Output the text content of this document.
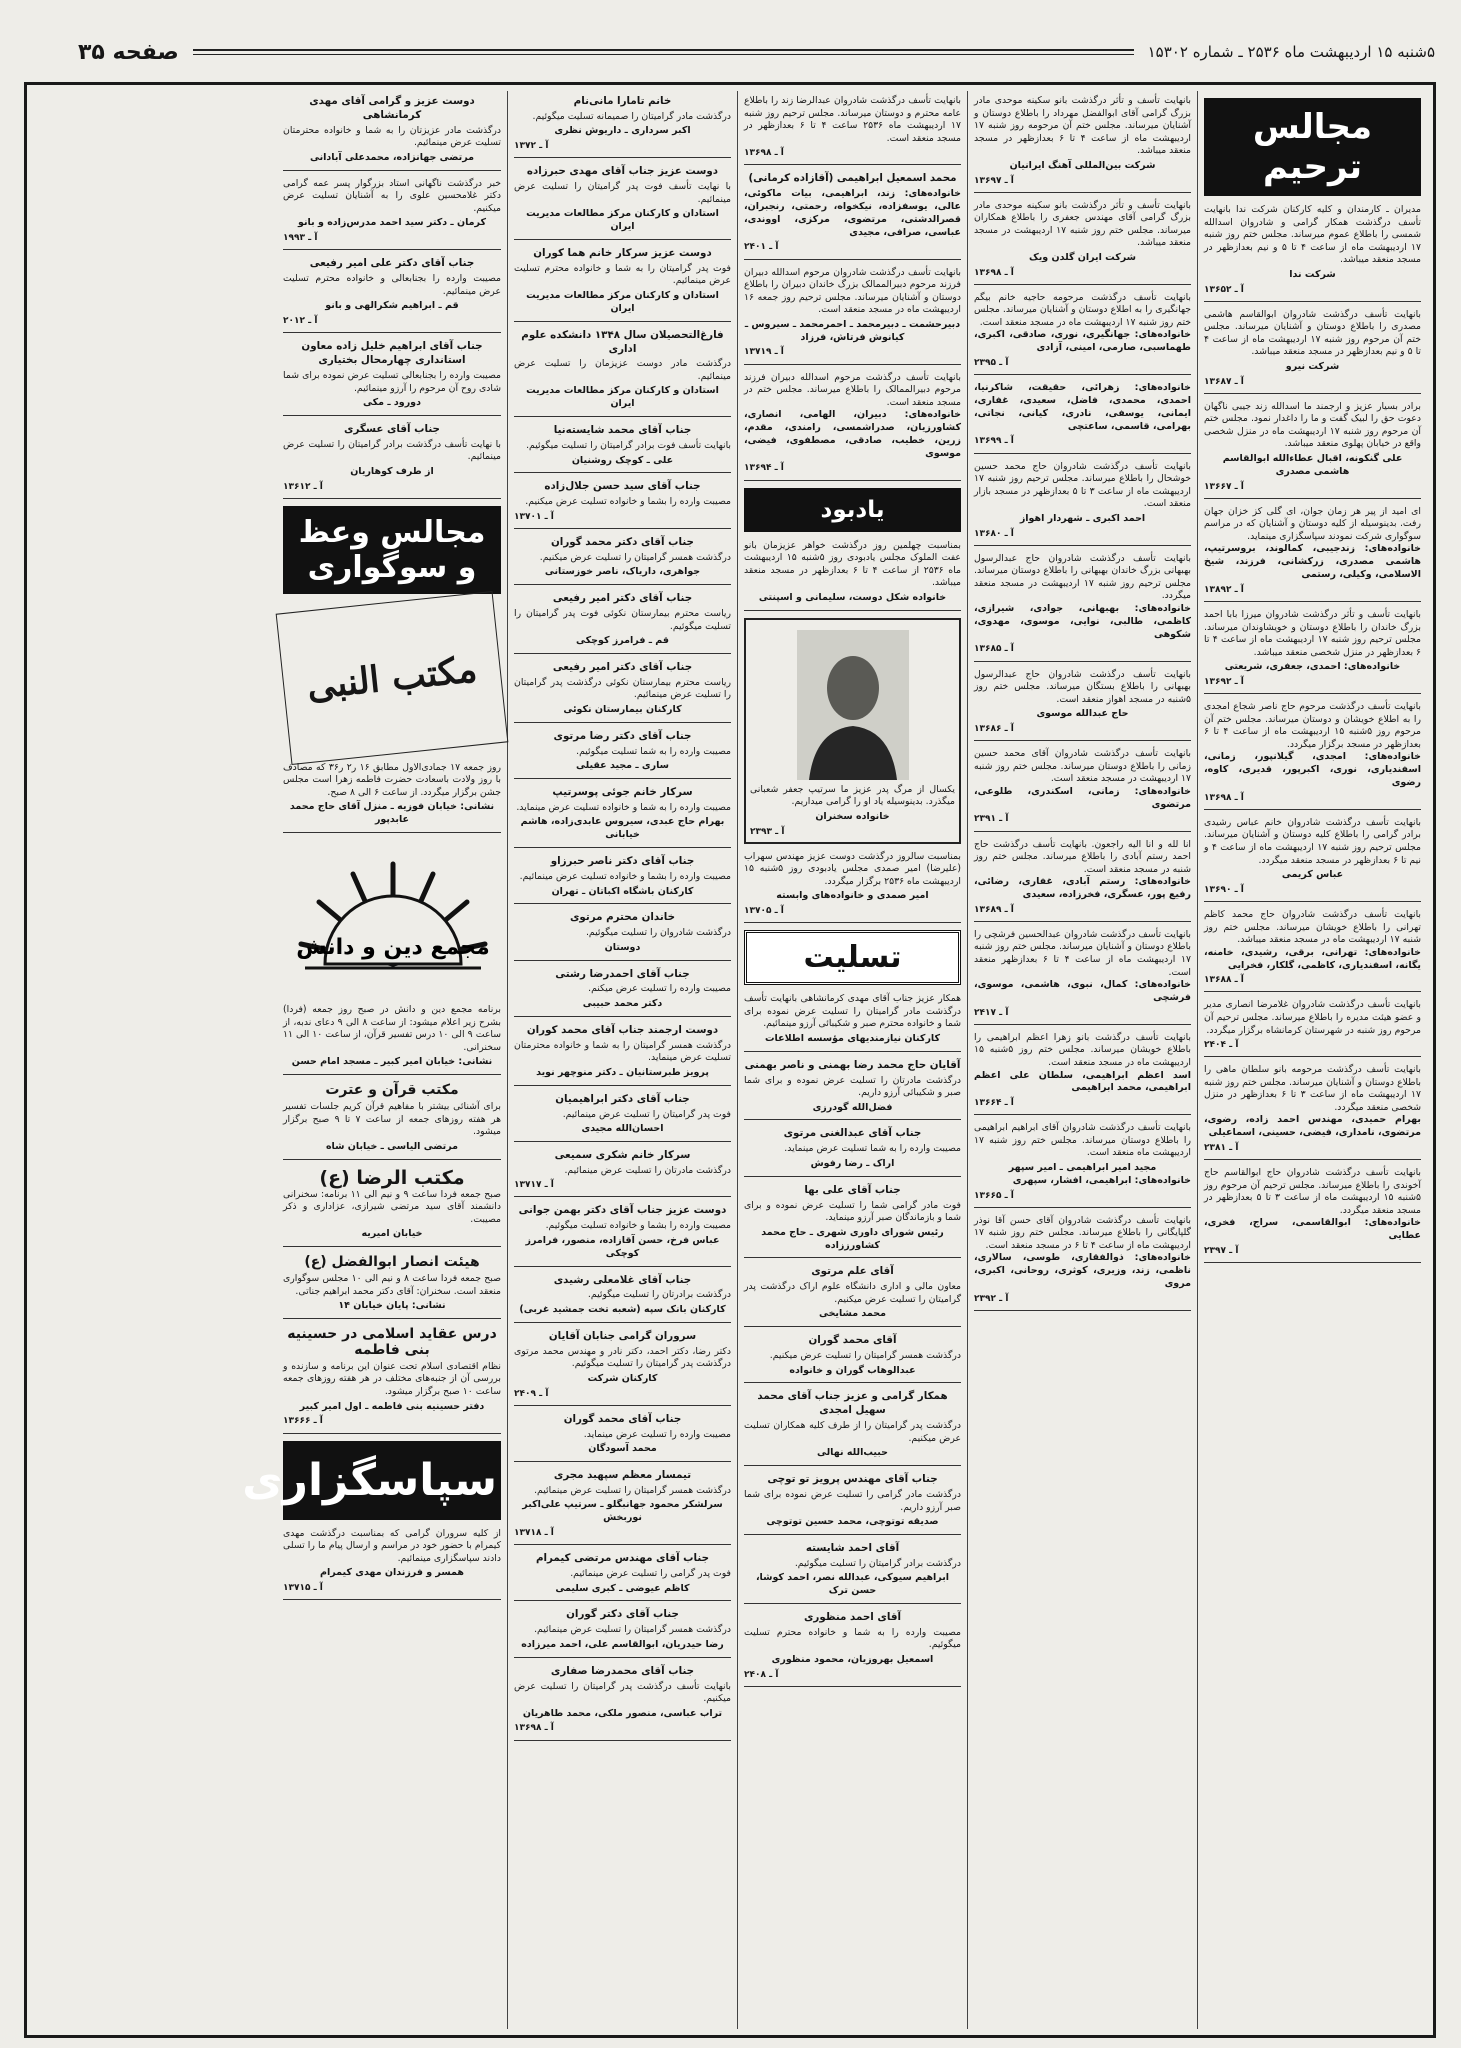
۵شنبه ۱۵ اردیبهشت ماه ۲۵۳۶ ـ شماره ۱۵۳۰۲
صفحه ۳۵
مجالس ترحیم
مدیران ـ کارمندان و کلیه کارکنان شرکت ندا بانهایت تأسف درگذشت همکار گرامی و شادروان اسدالله شمسی را باطلاع عموم میرساند. مجلس ختم روز شنبه ۱۷ اردیبهشت ماه از ساعت ۴ تا ۵ و نیم بعدازظهر در مسجد منعقد میباشد.
شرکت ندا
آ ـ ۱۳۶۵۲
بانهایت تأسف درگذشت شادروان ابوالقاسم هاشمی مصدری را باطلاع دوستان و آشنایان میرساند. مجلس ختم آن مرحوم روز شنبه ۱۷ اردیبهشت ماه از ساعت ۴ تا ۵ و نیم بعدازظهر در مسجد منعقد میباشد.
شرکت نیرو
آ ـ ۱۳۶۸۷
برادر بسیار عزیز و ارجمند ما اسدالله زند جیبی ناگهان دعوت حق را لبیک گفت و ما را داغدار نمود. مجلس ختم آن مرحوم روز شنبه ۱۷ اردیبهشت ماه در منزل شخصی واقع در خیابان پهلوی منعقد میباشد.
علی گنکونه، اقبال عطاءالله ابوالقاسم هاشمی مصدری
آ ـ ۱۳۶۶۷
ای امید از پیر هر زمان جوان، ای گلی کز خزان جهان رفت. بدینوسیله از کلیه دوستان و آشنایان که در مراسم سوگواری شرکت نمودند سپاسگزاری مینماید.
خانواده‌های: زندجیبی، کمالوند، بروسرتیپ، هاشمی مصدری، زرکشانی، فرزند، شیخ الاسلامی، وکیلی، رستمی
آ ـ ۱۳۸۹۲
بانهایت تأسف و تأثر درگذشت شادروان میرزا بابا احمد بزرگ خاندان را باطلاع دوستان و خویشاوندان میرساند. مجلس ترحیم روز شنبه ۱۷ اردیبهشت ماه از ساعت ۴ تا ۶ بعدازظهر در منزل شخصی منعقد میباشد.
خانواده‌های: احمدی، جعفری، شریعتی
آ ـ ۱۳۶۹۲
بانهایت تأسف درگذشت مرحوم حاج ناصر شجاع امجدی را به اطلاع خویشان و دوستان میرساند. مجلس ختم آن مرحوم روز ۵شنبه ۱۵ اردیبهشت ماه از ساعت ۴ تا ۶ بعدازظهر در مسجد برگزار میگردد.
خانواده‌های: امجدی، گیلانپور، زمانی، اسفندیاری، نوری، اکبرپور، قدیری، کاوه، رضوی
آ ـ ۱۳۶۹۸
بانهایت تأسف درگذشت شادروان خانم عباس رشیدی برادر گرامی را باطلاع کلیه دوستان و آشنایان میرساند. مجلس ترحیم روز شنبه ۱۷ اردیبهشت ماه از ساعت ۴ و نیم تا ۶ بعدازظهر در مسجد منعقد میگردد.
عباس کریمی
آ ـ ۱۳۶۹۰
بانهایت تأسف درگذشت شادروان حاج محمد کاظم تهرانی را باطلاع خویشان میرساند. مجلس ختم روز شنبه ۱۷ اردیبهشت ماه در مسجد منعقد میباشد.
خانواده‌های: تهرانی، برقی، رشیدی، خامنه، یگانه، اسفندیاری، کاظمی، گلکار، فخرایی
آ ـ ۱۳۶۸۸
بانهایت تأسف درگذشت شادروان غلامرضا انصاری مدیر و عضو هیئت مدیره را باطلاع میرساند. مجلس ترحیم آن مرحوم روز شنبه در شهرستان کرمانشاه برگزار میگردد.
آ ـ ۲۴۰۴
بانهایت تأسف درگذشت مرحومه بانو سلطان ماهی را باطلاع دوستان و آشنایان میرساند. مجلس ختم روز شنبه ۱۷ اردیبهشت ماه از ساعت ۳ تا ۶ بعدازظهر در منزل شخصی منعقد میگردد.
بهرام حمیدی، مهندس احمد زاده، رضوی، مرتضوی، نامداری، فیضی، حسینی، اسماعیلی
آ ـ ۲۳۸۱
بانهایت تأسف درگذشت شادروان حاج ابوالقاسم حاج آخوندی را باطلاع میرساند. مجلس ترحیم آن مرحوم روز ۵شنبه ۱۵ اردیبهشت ماه از ساعت ۳ تا ۵ بعدازظهر در مسجد منعقد میگردد.
خانواده‌های: ابوالقاسمی، سراج، فخری، عطایی
آ ـ ۲۳۹۷
بانهایت تأسف و تأثر درگذشت بانو سکینه موحدی مادر بزرگ گرامی آقای ابوالفضل مهرداد را باطلاع دوستان و آشنایان میرساند. مجلس ختم آن مرحومه روز شنبه ۱۷ اردیبهشت ماه از ساعت ۴ تا ۶ بعدازظهر در مسجد منعقد میباشد.
شرکت بین‌المللی آهنگ ایرانیان
آ ـ ۱۳۶۹۷
بانهایت تأسف و تأثر درگذشت بانو سکینه موحدی مادر بزرگ گرامی آقای مهندس جعفری را باطلاع همکاران میرساند. مجلس ختم روز شنبه ۱۷ اردیبهشت در مسجد منعقد میباشد.
شرکت ایران گلدن ویک
آ ـ ۱۳۶۹۸
بانهایت تأسف درگذشت مرحومه حاجیه خانم بیگم جهانگیری را به اطلاع دوستان و آشنایان میرساند. مجلس ختم روز شنبه ۱۷ اردیبهشت ماه در مسجد منعقد است.
خانواده‌های: جهانگیری، نوری، صادقی، اکبری، طهماسبی، صارمی، امینی، آزادی
آ ـ ۲۳۹۵
خانواده‌های: زهرائی، حقیقت، شاکرنیا، احمدی، محمدی، فاضل، سعیدی، غفاری، ایمانی، یوسفی، نادری، کیانی، نجاتی، بهرامی، قاسمی، ساعتچی
آ ـ ۱۳۶۹۹
بانهایت تأسف درگذشت شادروان حاج محمد حسین خوشحال را باطلاع میرساند. مجلس ترحیم روز شنبه ۱۷ اردیبهشت ماه از ساعت ۳ تا ۵ بعدازظهر در مسجد بازار منعقد است.
احمد اکبری ـ شهردار اهواز
آ ـ ۱۳۶۸۰
بانهایت تأسف درگذشت شادروان حاج عبدالرسول بهبهانی بزرگ خاندان بهبهانی را باطلاع دوستان میرساند. مجلس ترحیم روز شنبه ۱۷ اردیبهشت در مسجد منعقد میگردد.
خانواده‌های: بهبهانی، جوادی، شیرازی، کاظمی، طالبی، نوایی، موسوی، مهدوی، شکوهی
آ ـ ۱۳۶۸۵
بانهایت تأسف درگذشت شادروان حاج عبدالرسول بهبهانی را باطلاع بستگان میرساند. مجلس ختم روز ۵شنبه در مسجد اهواز منعقد است.
حاج عبدالله موسوی
آ ـ ۱۳۶۸۶
بانهایت تأسف درگذشت شادروان آقای محمد حسین زمانی را باطلاع دوستان میرساند. مجلس ختم روز شنبه ۱۷ اردیبهشت در مسجد منعقد است.
خانواده‌های: زمانی، اسکندری، طلوعی، مرتضوی
آ ـ ۲۳۹۱
انا لله و انا الیه راجعون. بانهایت تأسف درگذشت حاج احمد رستم آبادی را باطلاع میرساند. مجلس ختم روز شنبه در مسجد منعقد است.
خانواده‌های: رستم آبادی، غفاری، رضائی، رفیع پور، عسگری، فخرزاده، سعیدی
آ ـ ۱۳۶۸۹
بانهایت تأسف درگذشت شادروان عبدالحسین فرشچی را باطلاع دوستان و آشنایان میرساند. مجلس ختم روز شنبه ۱۷ اردیبهشت ماه از ساعت ۴ تا ۶ بعدازظهر منعقد است.
خانواده‌های: کمال، نبوی، هاشمی، موسوی، فرشچی
آ ـ ۲۴۱۷
بانهایت تأسف درگذشت بانو زهرا اعظم ابراهیمی را باطلاع خویشان میرساند. مجلس ختم روز ۵شنبه ۱۵ اردیبهشت ماه در مسجد منعقد است.
اسد اعظم ابراهیمی، سلطان علی اعظم ابراهیمی، محمد ابراهیمی
آ ـ ۱۳۶۶۴
بانهایت تأسف درگذشت شادروان آقای ابراهیم ابراهیمی را باطلاع دوستان میرساند. مجلس ختم روز شنبه ۱۷ اردیبهشت ماه منعقد است.
مجید امیر ابراهیمی ـ امیر سپهر
خانواده‌های: ابراهیمی، افشار، سپهری
آ ـ ۱۳۶۶۵
بانهایت تأسف درگذشت شادروان آقای حسن آقا نوذر گلپایگانی را باطلاع میرساند. مجلس ختم روز شنبه ۱۷ اردیبهشت ماه از ساعت ۴ تا ۶ در مسجد منعقد است.
خانواده‌های: ذوالفقاری، طوسی، سالاری، ناظمی، زند، وزیری، کوثری، روحانی، اکبری، مروی
آ ـ ۲۳۹۲
بانهایت تأسف درگذشت شادروان عبدالرضا زند را باطلاع عامه محترم و دوستان میرساند. مجلس ترحیم روز شنبه ۱۷ اردیبهشت ماه ۲۵۳۶ ساعت ۴ تا ۶ بعدازظهر در مسجد منعقد است.
آ ـ ۱۳۶۹۸
محمد اسمعیل ابراهیمی (آقازاده کرمانی)
خانواده‌های: زند، ابراهیمی، بیات ماکوئی، عالی، یوسفزاده، نیکخواه، رحمتی، رنجبران، قصرالدشتی، مرتضوی، مرکزی، اووندی، عباسی، صرافی، مجیدی
آ ـ ۲۴۰۱
بانهایت تأسف درگذشت شادروان مرحوم اسدالله دبیران فرزند مرحوم دبیرالممالک بزرگ خاندان دبیران را باطلاع دوستان و آشنایان میرساند. مجلس ترحیم روز جمعه ۱۶ اردیبهشت ماه در مسجد منعقد است.
دبیرحشمت ـ دبیرمحمد ـ احمرمحمد ـ سیروس ـ کیانوش فرتاش، فرزاد
آ ـ ۱۳۷۱۹
بانهایت تأسف درگذشت مرحوم اسدالله دبیران فرزند مرحوم دبیرالممالک را باطلاع میرساند. مجلس ختم در مسجد منعقد است.
خانواده‌های: دبیران، الهامی، انصاری، کشاورزیان، صدراشمسی، رامندی، مقدم، زرین، خطیب، صادقی، مصطفوی، فیضی، موسوی
آ ـ ۱۳۶۹۴
یادبود
بمناسبت چهلمین روز درگذشت خواهر عزیزمان بانو عفت الملوک مجلس یادبودی روز ۵شنبه ۱۵ اردیبهشت ماه ۲۵۳۶ از ساعت ۴ تا ۶ بعدازظهر در مسجد منعقد میباشد.
خانواده شکل دوست، سلیمانی و اسپنتی
یکسال از مرگ پدر عزیز ما سرتیپ جعفر شعبانی میگذرد. بدینوسیله یاد او را گرامی میداریم.
خانواده سخنران
آ ـ ۲۳۹۳
بمناسبت سالروز درگذشت دوست عزیز مهندس سهراب (علیرضا) امیر صمدی مجلس یادبودی روز ۵شنبه ۱۵ اردیبهشت ماه ۲۵۳۶ برگزار میگردد.
امیر صمدی و خانواده‌های وابسته
آ ـ ۱۳۷۰۵
تسلیت
همکار عزیز جناب آقای مهدی کرمانشاهی بانهایت تأسف درگذشت مادر گرامیتان را تسلیت عرض نموده برای شما و خانواده محترم صبر و شکیبائی آرزو مینمائیم.
کارکنان نیازمندیهای مؤسسه اطلاعات
آقایان حاج محمد رضا بهمنی و ناصر بهمنی
درگذشت مادرتان را تسلیت عرض نموده و برای شما صبر و شکیبائی آرزو داریم.
فضل‌الله گودرزی
جناب آقای عبدالغنی مرتوی
مصیبت وارده را به شما تسلیت عرض مینماید.
اراک ـ رضا رفوش
جناب آقای علی بها
فوت مادر گرامی شما را تسلیت عرض نموده و برای شما و بازماندگان صبر آرزو مینماید.
رئیس شورای داوری شهری ـ حاج محمد کشاورززاده
آقای علم مرتوی
معاون مالی و اداری دانشگاه علوم اراک درگذشت پدر گرامیتان را تسلیت عرض میکنیم.
محمد مشایخی
آقای محمد گوران
درگذشت همسر گرامیتان را تسلیت عرض میکنیم.
عبدالوهاب گوران و خانواده
همکار گرامی و عزیز جناب آقای محمد سهیل امجدی
درگذشت پدر گرامیتان را از طرف کلیه همکاران تسلیت عرض میکنیم.
حبیب‌الله نهالی
جناب آقای مهندس پرویز تو توچی
درگذشت مادر گرامی را تسلیت عرض نموده برای شما صبر آرزو داریم.
صدیقه توتوچی، محمد حسین توتوچی
آقای احمد شایسته
درگذشت برادر گرامیتان را تسلیت میگوئیم.
ابراهیم سیوکی، عبدالله نصر، احمد کوشا، حسن ترک
آقای احمد منظوری
مصیبت وارده را به شما و خانواده محترم تسلیت میگوئیم.
اسمعیل بهروزیان، محمود منظوری
آ ـ ۲۴۰۸
خانم تامارا مانی‌نام
درگذشت مادر گرامیتان را صمیمانه تسلیت میگوئیم.
اکبر سرداری ـ داریوش نظری
آ ـ ۱۳۷۲
دوست عزیز جناب آقای مهدی حبرزاده
با نهایت تأسف فوت پدر گرامیتان را تسلیت عرض مینمائیم.
استادان و کارکنان مرکز مطالعات مدیریت ایران
دوست عزیز سرکار خانم هما کوران
فوت پدر گرامیتان را به شما و خانواده محترم تسلیت عرض مینمائیم.
استادان و کارکنان مرکز مطالعات مدیریت ایران
فارغ‌التحصیلان سال ۱۳۴۸ دانشکده علوم اداری
درگذشت مادر دوست عزیزمان را تسلیت عرض مینمائیم.
استادان و کارکنان مرکز مطالعات مدیریت ایران
جناب آقای محمد شایسته‌نیا
بانهایت تأسف فوت برادر گرامیتان را تسلیت میگوئیم.
علی ـ کوچک روشنیان
جناب آقای سید حسن جلال‌زاده
مصیبت وارده را بشما و خانواده تسلیت عرض میکنیم.
آ ـ ۱۳۷۰۱
جناب آقای دکتر محمد گوران
درگذشت همسر گرامیتان را تسلیت عرض میکنیم.
جواهری، داریاک، ناصر خوزستانی
جناب آقای دکتر امیر رفیعی
ریاست محترم بیمارستان نکوئی فوت پدر گرامیتان را تسلیت میگوئیم.
قم ـ فرامرز کوچکی
جناب آقای دکتر امیر رفیعی
ریاست محترم بیمارستان نکوئی درگذشت پدر گرامیتان را تسلیت عرض مینمائیم.
کارکنان بیمارستان نکوئی
جناب آقای دکتر رضا مرتوی
مصیبت وارده را به شما تسلیت میگوئیم.
ساری ـ مجید عقیلی
سرکار خانم جوئی پوسرتیپ
مصیبت وارده را به شما و خانواده تسلیت عرض مینماید.
بهرام حاج عبدی، سیروس عابدی‌زاده، هاشم خیابانی
جناب آقای دکتر ناصر حبرزاو
مصیبت وارده را بشما و خانواده تسلیت عرض مینمائیم.
کارکنان باشگاه اکباتان ـ تهران
خاندان محترم مرتوی
درگذشت شادروان را تسلیت میگوئیم.
دوستان
جناب آقای احمدرضا رشتی
مصیبت وارده را تسلیت عرض میکنم.
دکتر محمد حبیبی
دوست ارجمند جناب آقای محمد کوران
درگذشت همسر گرامیتان را به شما و خانواده محترمتان تسلیت عرض مینماید.
پرویز طبرستانیان ـ دکتر منوچهر نوید
جناب آقای دکتر ابراهیمیان
فوت پدر گرامیتان را تسلیت عرض مینمائیم.
احسان‌الله مجیدی
سرکار خانم شکری سمیعی
درگذشت مادرتان را تسلیت عرض مینمائیم.
آ ـ ۱۳۷۱۷
دوست عزیز جناب آقای دکتر بهمن جوانی
مصیبت وارده را بشما و خانواده تسلیت میگوئیم.
عباس فرخ، حسن آقازاده، منصور، فرامرز کوچکی
جناب آقای غلامعلی رشیدی
درگذشت برادرتان را تسلیت میگوئیم.
کارکنان بانک سپه (شعبه تخت جمشید غربی)
سروران گرامی جنابان آقایان
دکتر رضا، دکتر احمد، دکتر نادر و مهندس محمد مرتوی درگذشت پدر گرامیتان را تسلیت میگوئیم.
کارکنان شرکت
آ ـ ۲۴۰۹
جناب آقای محمد گوران
مصیبت وارده را تسلیت عرض مینماید.
محمد آسودگان
تیمسار معظم سپهبد مجری
درگذشت همسر گرامیتان را تسلیت عرض مینمائیم.
سرلشکر محمود جهانبگلو ـ سرتیپ علی‌اکبر نوربخش
آ ـ ۱۳۷۱۸
جناب آقای مهندس مرتضی کیمرام
فوت پدر گرامی را تسلیت عرض مینمائیم.
کاظم عیوضی ـ کبری سلیمی
جناب آقای دکتر گوران
درگذشت همسر گرامیتان را تسلیت عرض مینمائیم.
رضا حیدریان، ابوالقاسم علی، احمد میرزاده
جناب آقای محمدرضا صفاری
بانهایت تأسف درگذشت پدر گرامیتان را تسلیت عرض میکنیم.
تراب عباسی، منصور ملکی، محمد طاهریان
آ ـ ۱۳۶۹۸
دوست عزیز و گرامی آقای مهدی کرمانشاهی
درگذشت مادر عزیزتان را به شما و خانواده محترمتان تسلیت عرض مینمائیم.
مرتضی جهانزاده، محمدعلی آبادانی
خبر درگذشت ناگهانی استاد بزرگوار پسر عمه گرامی دکتر غلامحسین علوی را به آشنایان تسلیت عرض میکنیم.
کرمان ـ دکتر سید احمد مدرس‌زاده و بانو
آ ـ ۱۹۹۳
جناب آقای دکتر علی امیر رفیعی
مصیبت وارده را بجنابعالی و خانواده محترم تسلیت عرض مینمائیم.
قم ـ ابراهیم شکرالهی و بانو
آ ـ ۲۰۱۲
جناب آقای ابراهیم خلیل‌ زاده معاون استانداری چهارمحال بختیاری
مصیبت وارده را بجنابعالی تسلیت عرض نموده برای شما شادی روح آن مرحوم را آرزو مینمائیم.
دورود ـ مکی
جناب آقای عسگری
با نهایت تأسف درگذشت برادر گرامیتان را تسلیت عرض مینمائیم.
از طرف کوهاریان
آ ـ ۱۳۶۱۲
مجالس وعظ و سوگواری
مکتب النبی
روز جمعه ۱۷ جمادی‌الاول مطابق ۱۶ ر۲ ر۳۶ که مصادف با روز ولادت باسعادت حضرت فاطمه زهرا است مجلس جشن برگزار میگردد. از ساعت ۶ الی ۸ صبح.
نشانی: خیابان فوزیه ـ منزل آقای حاج محمد عابدپور
مجمع دین و دانش
برنامه مجمع دین و دانش در صبح روز جمعه (فردا) بشرح زیر اعلام میشود: از ساعت ۸ الی ۹ دعای ندبه، از ساعت ۹ الی ۱۰ درس تفسیر قرآن، از ساعت ۱۰ الی ۱۱ سخنرانی.
نشانی: خیابان امیر کبیر ـ مسجد امام حسن
مکتب قرآن و عترت
برای آشنائی بیشتر با مفاهیم قرآن کریم جلسات تفسیر هر هفته روزهای جمعه از ساعت ۷ تا ۹ صبح برگزار میشود.
مرتضی الیاسی ـ خیابان شاه
مکتب الرضا (ع)
صبح جمعه فردا ساعت ۹ و نیم الی ۱۱ برنامه: سخنرانی دانشمند آقای سید مرتضی شیرازی، عزاداری و ذکر مصیبت.
خیابان امیریه
هیئت انصار ابوالفضل (ع)
صبح جمعه فردا ساعت ۸ و نیم الی ۱۰ مجلس سوگواری منعقد است. سخنران: آقای دکتر محمد ابراهیم جناتی.
نشانی: پایان خیابان ۱۴
درس عقاید اسلامی در حسینیه بنی فاطمه
نظام اقتصادی اسلام تحت عنوان این برنامه و سازنده و بررسی آن از جنبه‌های مختلف در هر هفته روزهای جمعه ساعت ۱۰ صبح برگزار میشود.
دفتر حسینیه بنی فاطمه ـ اول امیر کبیر
آ ـ ۱۳۶۶۶
سپاسگزاری
از کلیه سروران گرامی که بمناسبت درگذشت مهدی کیمرام با حضور خود در مراسم و ارسال پیام ما را تسلی دادند سپاسگزاری مینمائیم.
همسر و فرزندان مهدی کیمرام
آ ـ ۱۳۷۱۵
